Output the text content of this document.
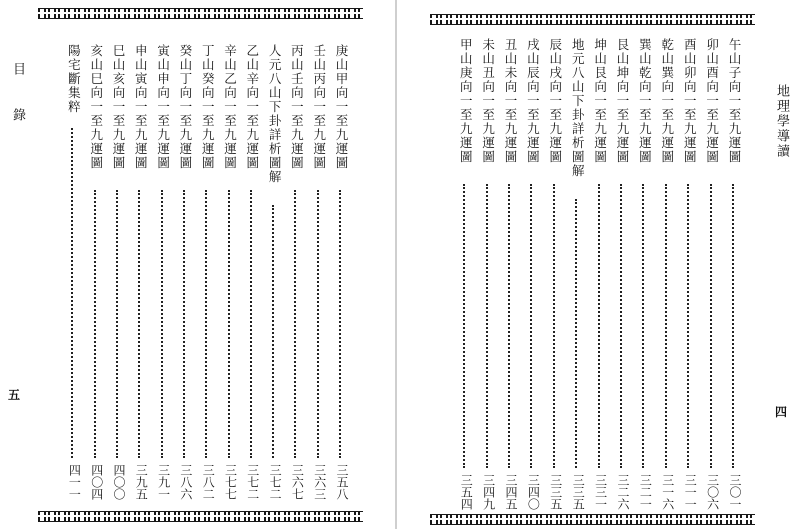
目　錄
五
庚山甲向一至九運圖
三五八
壬山丙向一至九運圖
三六三
丙山壬向一至九運圖
三六七
人元八山下卦詳析圖解
三七二
乙山辛向一至九運圖
三七二
辛山乙向一至九運圖
三七七
丁山癸向一至九運圖
三八二
癸山丁向一至九運圖
三八六
寅山申向一至九運圖
三九一
申山寅向一至九運圖
三九五
巳山亥向一至九運圖
四〇〇
亥山巳向一至九運圖
四〇四
陽宅斷集粹
四一一
地理學導讀
四
午山子向一至九運圖
三〇一
卯山酉向一至九運圖
三〇六
酉山卯向一至九運圖
三一一
乾山巽向一至九運圖
三一六
巽山乾向一至九運圖
三二一
艮山坤向一至九運圖
三二六
坤山艮向一至九運圖
三三一
地元八山下卦詳析圖解
三三五
辰山戌向一至九運圖
三三五
戌山辰向一至九運圖
三四〇
丑山未向一至九運圖
三四五
未山丑向一至九運圖
三四九
甲山庚向一至九運圖
三五四
